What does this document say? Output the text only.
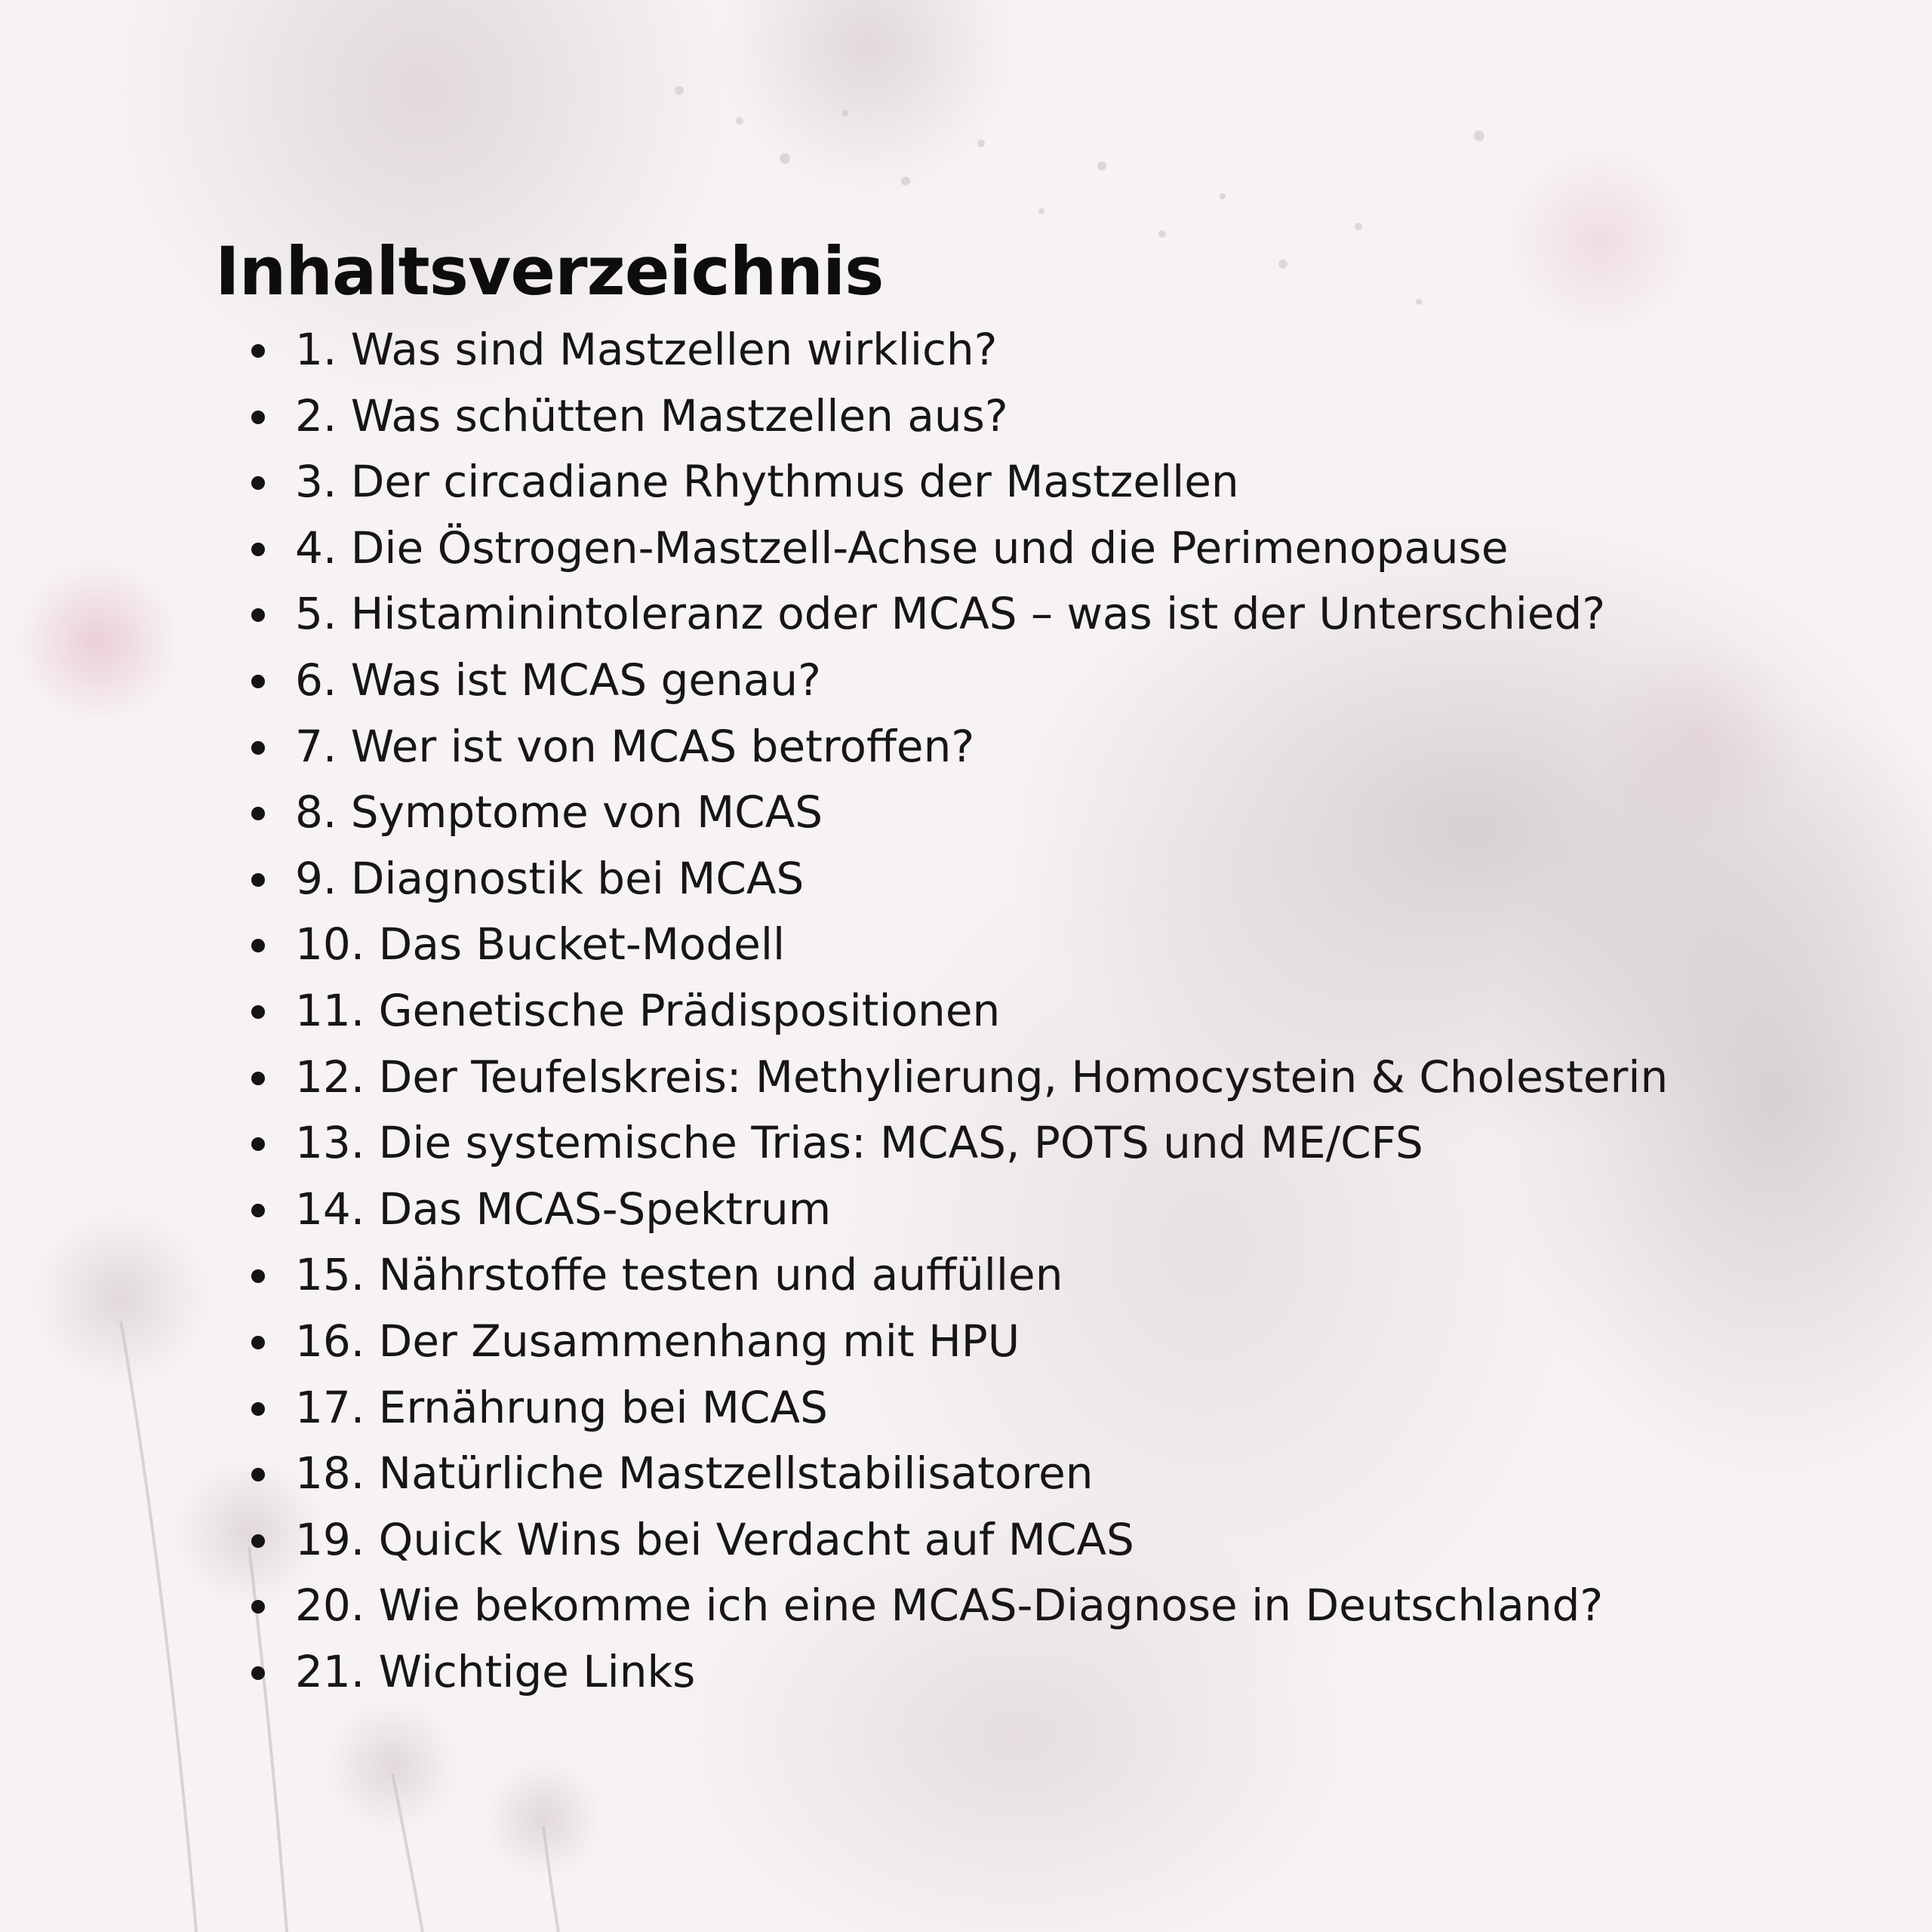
Inhaltsverzeichnis
1. Was sind Mastzellen wirklich?
2. Was schütten Mastzellen aus?
3. Der circadiane Rhythmus der Mastzellen
4. Die Östrogen-Mastzell-Achse und die Perimenopause
5. Histaminintoleranz oder MCAS – was ist der Unterschied?
6. Was ist MCAS genau?
7. Wer ist von MCAS betroffen?
8. Symptome von MCAS
9. Diagnostik bei MCAS
10. Das Bucket-Modell
11. Genetische Prädispositionen
12. Der Teufelskreis: Methylierung, Homocystein & Cholesterin
13. Die systemische Trias: MCAS, POTS und ME/CFS
14. Das MCAS-Spektrum
15. Nährstoffe testen und auffüllen
16. Der Zusammenhang mit HPU
17. Ernährung bei MCAS
18. Natürliche Mastzellstabilisatoren
19. Quick Wins bei Verdacht auf MCAS
20. Wie bekomme ich eine MCAS-Diagnose in Deutschland?
21. Wichtige Links
